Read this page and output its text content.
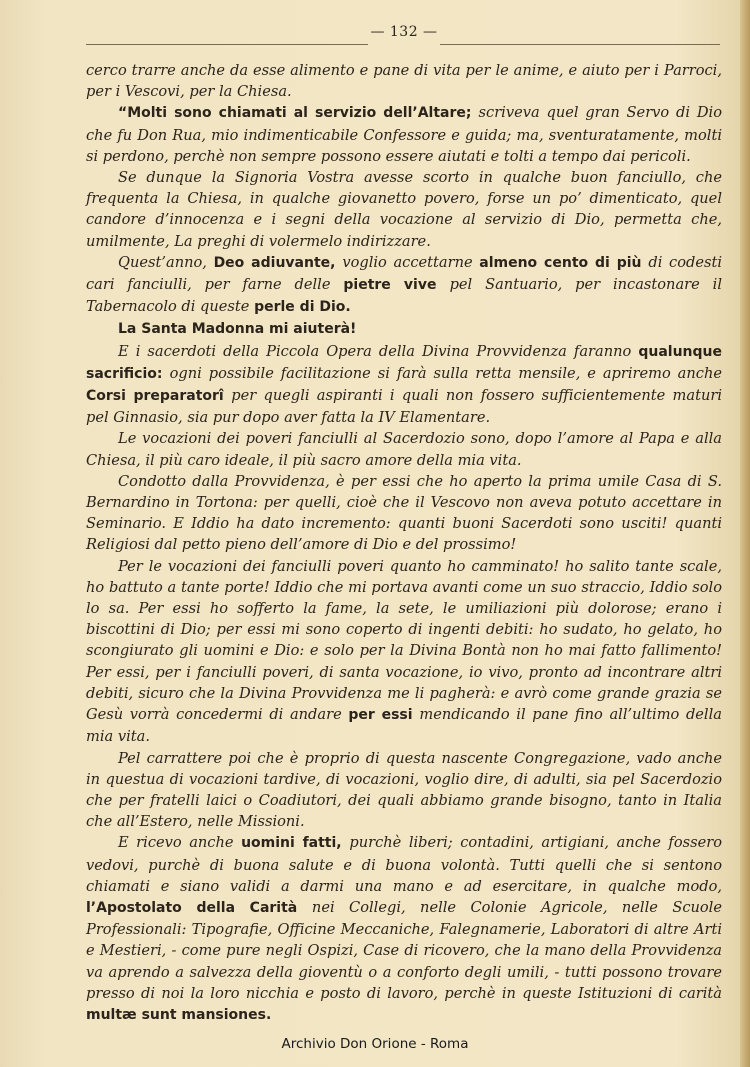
— 132 —

cerco trarre anche da esse alimento e pane di vita per le anime, e aiuto per i Parroci, per i Vescovi, per la Chiesa.

“Molti sono chiamati al servizio dell’Altare; scriveva quel gran Servo di Dio che fu Don Rua, mio indimenticabile Confessore e guida; ma, sventuratamente, molti si perdono, perchè non sempre possono essere aiutati e tolti a tempo dai pericoli.

Se dunque la Signoria Vostra avesse scorto in qualche buon fanciullo, che frequenta la Chiesa, in qualche giovanetto povero, forse un po’ dimenticato, quel candore d’innocenza e i segni della vocazione al servizio di Dio, permetta che, umilmente, La preghi di volermelo indirizzare.

Quest’anno, Deo adiuvante, voglio accettarne almeno cento di più di codesti cari fanciulli, per farne delle pietre vive pel Santuario, per incastonare il Tabernacolo di queste perle di Dio.

La Santa Madonna mi aiuterà!

E i sacerdoti della Piccola Opera della Divina Provvidenza faranno qualunque sacrificio: ogni possibile facilitazione si farà sulla retta mensile, e apriremo anche Corsi preparatorî per quegli aspiranti i quali non fossero sufficientemente maturi pel Ginnasio, sia pur dopo aver fatta la IV Elamentare.

Le vocazioni dei poveri fanciulli al Sacerdozio sono, dopo l’amore al Papa e alla Chiesa, il più caro ideale, il più sacro amore della mia vita.

Condotto dalla Provvidenza, è per essi che ho aperto la prima umile Casa di S. Bernardino in Tortona: per quelli, cioè che il Vescovo non aveva potuto accettare in Seminario. E Iddio ha dato incremento: quanti buoni Sacerdoti sono usciti! quanti Religiosi dal petto pieno dell’amore di Dio e del prossimo!

Per le vocazioni dei fanciulli poveri quanto ho camminato! ho salito tante scale, ho battuto a tante porte! Iddio che mi portava avanti come un suo straccio, Iddio solo lo sa. Per essi ho sofferto la fame, la sete, le umiliazioni più dolorose; erano i biscottini di Dio; per essi mi sono coperto di ingenti debiti: ho sudato, ho gelato, ho scongiurato gli uomini e Dio: e solo per la Divina Bontà non ho mai fatto fallimento! Per essi, per i fanciulli poveri, di santa vocazione, io vivo, pronto ad incontrare altri debiti, sicuro che la Divina Provvidenza me li pagherà: e avrò come grande grazia se Gesù vorrà concedermi di andare per essi mendicando il pane fino all’ultimo della mia vita.

Pel carrattere poi che è proprio di questa nascente Congregazione, vado anche in questua di vocazioni tardive, di vocazioni, voglio dire, di adulti, sia pel Sacerdozio che per fratelli laici o Coadiutori, dei quali abbiamo grande bisogno, tanto in Italia che all’Estero, nelle Missioni.

E ricevo anche uomini fatti, purchè liberi; contadini, artigiani, anche fossero vedovi, purchè di buona salute e di buona volontà. Tutti quelli che si sentono chiamati e siano validi a darmi una mano e ad esercitare, in qualche modo, l’Apostolato della Carità nei Collegi, nelle Colonie Agricole, nelle Scuole Professionali: Tipografie, Officine Meccaniche, Falegnamerie, Laboratori di altre Arti e Mestieri, - come pure negli Ospizi, Case di ricovero, che la mano della Provvidenza va aprendo a salvezza della gioventù o a conforto degli umili, - tutti possono trovare presso di noi la loro nicchia e posto di lavoro, perchè in queste Istituzioni di carità multæ sunt mansiones.

Archivio Don Orione - Roma
